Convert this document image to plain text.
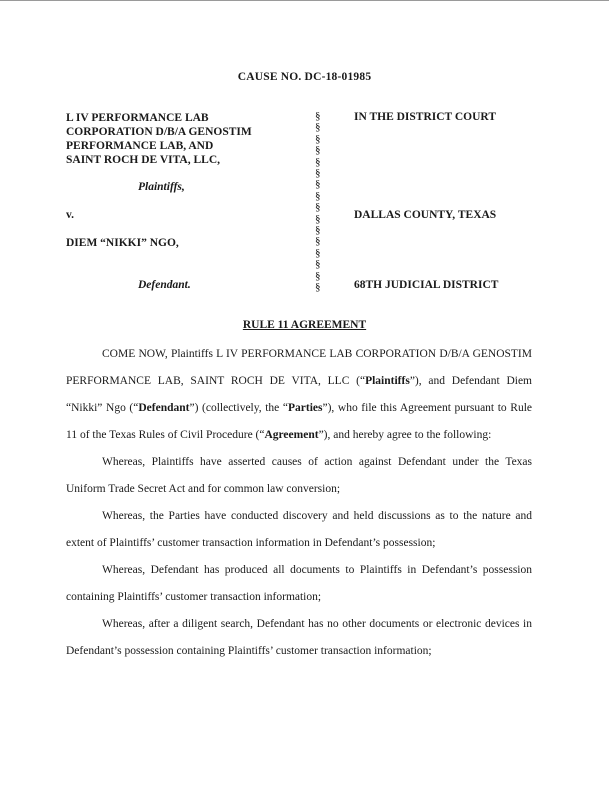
CAUSE NO. DC-18-01985
L IV PERFORMANCE LAB
CORPORATION D/B/A GENOSTIM
PERFORMANCE LAB, AND
SAINT ROCH DE VITA, LLC,
Plaintiffs,
v.
DIEM “NIKKI” NGO,
Defendant.
§
§
§
§
§
§
§
§
§
§
§
§
§
§
§
§
IN THE DISTRICT COURT
DALLAS COUNTY, TEXAS
68TH JUDICIAL DISTRICT
RULE 11 AGREEMENT

COME NOW, Plaintiffs L IV PERFORMANCE LAB CORPORATION D/B/A GENOSTIM PERFORMANCE LAB, SAINT ROCH DE VITA, LLC (“Plaintiffs”), and Defendant Diem “Nikki” Ngo (“Defendant”) (collectively, the “Parties”), who file this Agreement pursuant to Rule 11 of the Texas Rules of Civil Procedure (“Agreement”), and hereby agree to the following:

Whereas, Plaintiffs have asserted causes of action against Defendant under the Texas Uniform Trade Secret Act and for common law conversion;

Whereas, the Parties have conducted discovery and held discussions as to the nature and extent of Plaintiffs’ customer transaction information in Defendant’s possession;

Whereas, Defendant has produced all documents to Plaintiffs in Defendant’s possession containing Plaintiffs’ customer transaction information;

Whereas, after a diligent search, Defendant has no other documents or electronic devices in Defendant’s possession containing Plaintiffs’ customer transaction information;
